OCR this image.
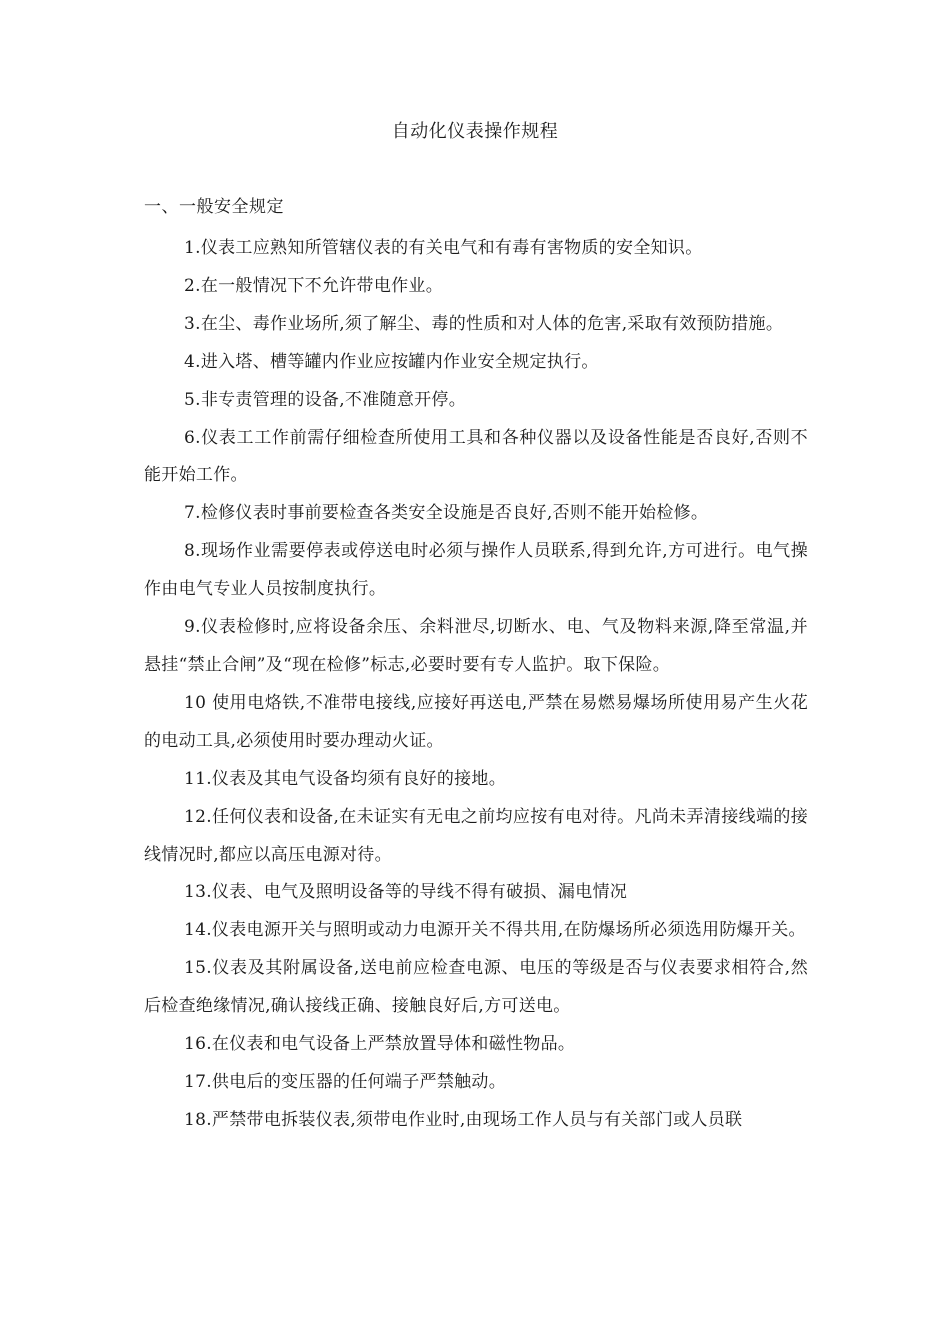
自动化仪表操作规程
一、一般安全规定

1.仪表工应熟知所管辖仪表的有关电气和有毒有害物质的安全知识。

2.在一般情况下不允许带电作业。

3.在尘、毒作业场所,须了解尘、毒的性质和对人体的危害,采取有效预防措施。

4.进入塔、槽等罐内作业应按罐内作业安全规定执行。

5.非专责管理的设备,不准随意开停。

6.仪表工工作前需仔细检查所使用工具和各种仪器以及设备性能是否良好,否则不能开始工作。

7.检修仪表时事前要检查各类安全设施是否良好,否则不能开始检修。

8.现场作业需要停表或停送电时必须与操作人员联系,得到允许,方可进行。电气操作由电气专业人员按制度执行。

9.仪表检修时,应将设备余压、余料泄尽,切断水、电、气及物料来源,降至常温,并悬挂“禁止合闸”及“现在检修”标志,必要时要有专人监护。取下保险。

10 使用电烙铁,不准带电接线,应接好再送电,严禁在易燃易爆场所使用易产生火花的电动工具,必须使用时要办理动火证。

11.仪表及其电气设备均须有良好的接地。

12.任何仪表和设备,在未证实有无电之前均应按有电对待。凡尚未弄清接线端的接线情况时,都应以高压电源对待。

13.仪表、电气及照明设备等的导线不得有破损、漏电情况

14.仪表电源开关与照明或动力电源开关不得共用,在防爆场所必须选用防爆开关。

15.仪表及其附属设备,送电前应检查电源、电压的等级是否与仪表要求相符合,然后检查绝缘情况,确认接线正确、接触良好后,方可送电。

16.在仪表和电气设备上严禁放置导体和磁性物品。

17.供电后的变压器的任何端子严禁触动。

18.严禁带电拆装仪表,须带电作业时,由现场工作人员与有关部门或人员联
